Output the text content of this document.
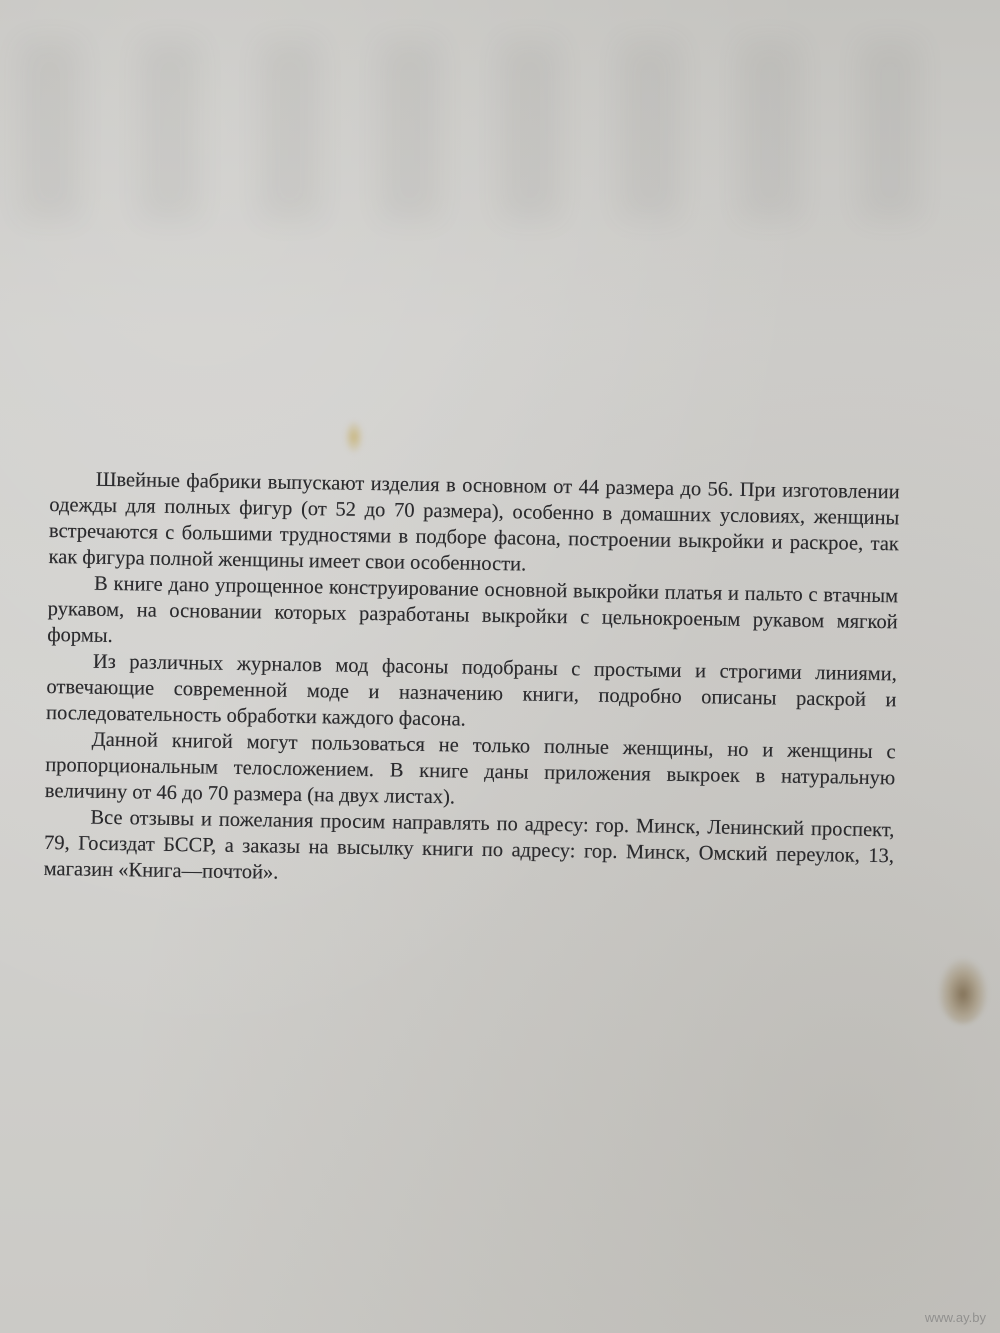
Швейные фабрики выпускают изделия в основном от 44 размера до 56. При изготовлении одежды для полных фигур (от 52 до 70 размера), особенно в домашних условиях, женщины встречаются с большими трудностями в подборе фасона, построении выкройки и раскрое, так как фигура полной женщины имеет свои особенности.

В книге дано упрощенное конструирование основной выкройки платья и пальто с втачным рукавом, на основании которых разработаны выкройки с цельнокроеным рукавом мягкой формы.

Из различных журналов мод фасоны подобраны с простыми и строгими линиями, отвечающие современной моде и назначению книги, подробно описаны раскрой и последовательность обработки каждого фасона.

Данной книгой могут пользоваться не только полные женщины, но и женщины с пропорциональным телосложением. В книге даны приложения выкроек в натуральную величину от 46 до 70 размера (на двух листах).

Все отзывы и пожелания просим направлять по адресу: гор. Минск, Ленинский проспект, 79, Госиздат БССР, а заказы на высылку книги по адресу: гор. Минск, Омский переулок, 13, магазин «Книга—почтой».

www.ay.by
